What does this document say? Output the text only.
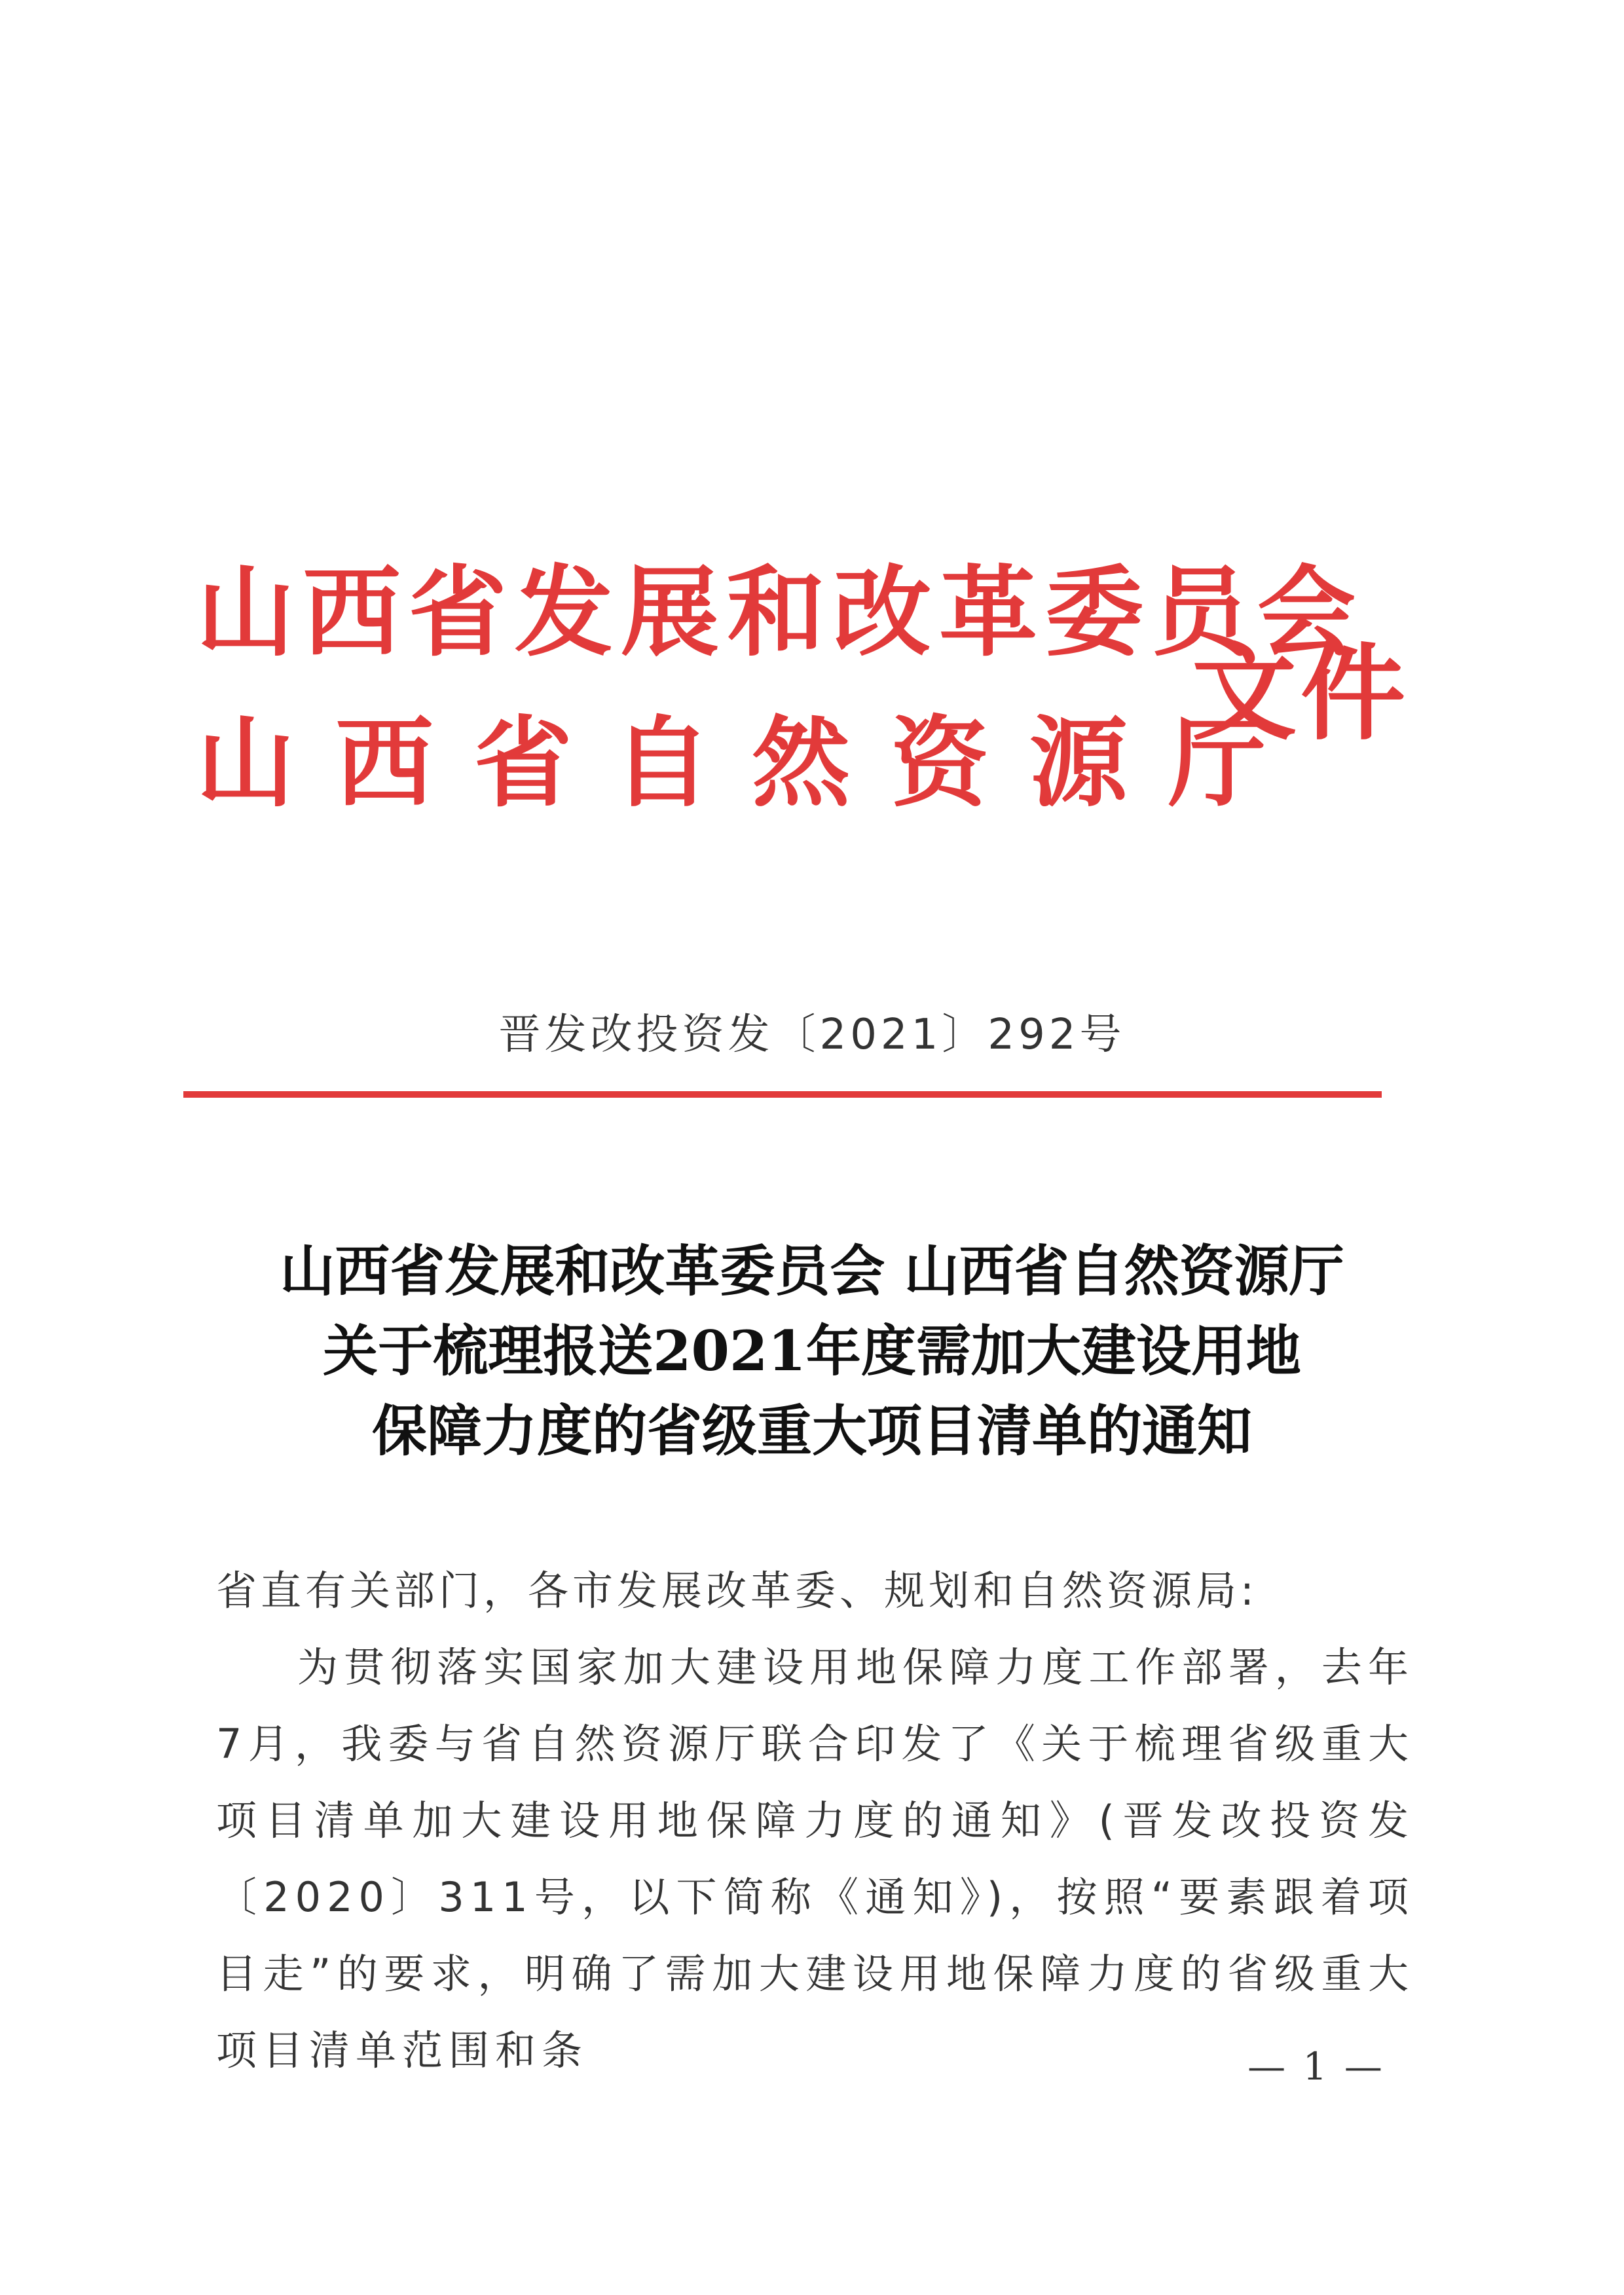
山西省发展和改革委员会
山西省自然资源厅
文件
晋发改投资发〔2021〕292号
山西省发展和改革委员会 山西省自然资源厅
关于梳理报送2021年度需加大建设用地
保障力度的省级重大项目清单的通知

省直有关部门，各市发展改革委、规划和自然资源局:

为贯彻落实国家加大建设用地保障力度工作部署，去年7月，我委与省自然资源厅联合印发了《关于梳理省级重大项目清单加大建设用地保障力度的通知》(晋发改投资发〔2020〕311号，以下简称《通知》)，按照“要素跟着项目走”的要求，明确了需加大建设用地保障力度的省级重大项目清单范围和条	— 1 —
